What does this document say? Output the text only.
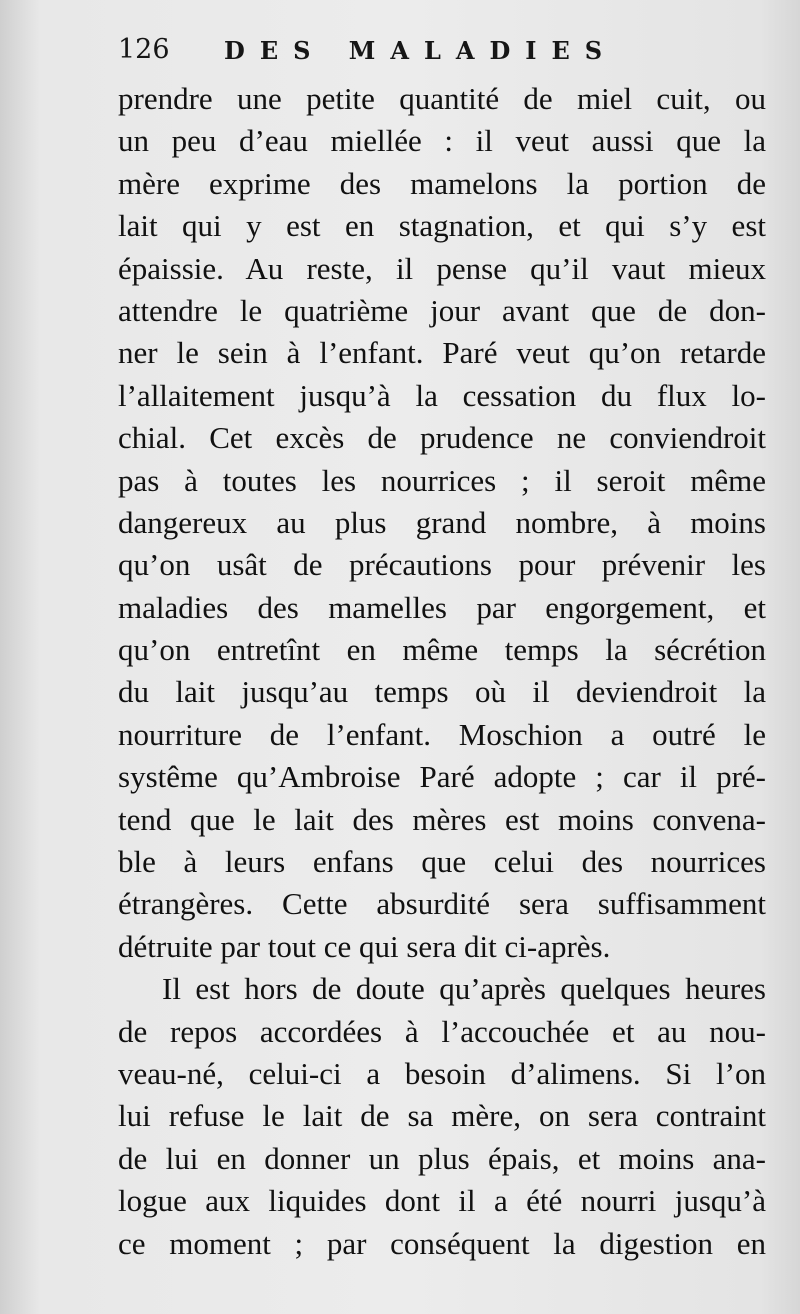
126 DES MALADIES
prendre une petite quantité de miel cuit, ou
un peu d’eau miellée : il veut aussi que la
mère exprime des mamelons la portion de
lait qui y est en stagnation, et qui s’y est
épaissie. Au reste, il pense qu’il vaut mieux
attendre le quatrième jour avant que de don-
ner le sein à l’enfant. Paré veut qu’on retarde
l’allaitement jusqu’à la cessation du flux lo-
chial. Cet excès de prudence ne conviendroit
pas à toutes les nourrices ; il seroit même
dangereux au plus grand nombre, à moins
qu’on usât de précautions pour prévenir les
maladies des mamelles par engorgement, et
qu’on entretînt en même temps la sécrétion
du lait jusqu’au temps où il deviendroit la
nourriture de l’enfant. Moschion a outré le
systême qu’Ambroise Paré adopte ; car il pré-
tend que le lait des mères est moins convena-
ble à leurs enfans que celui des nourrices
étrangères. Cette absurdité sera suffisamment
détruite par tout ce qui sera dit ci-après.
Il est hors de doute qu’après quelques heures
de repos accordées à l’accouchée et au nou-
veau-né, celui-ci a besoin d’alimens. Si l’on
lui refuse le lait de sa mère, on sera contraint
de lui en donner un plus épais, et moins ana-
logue aux liquides dont il a été nourri jusqu’à
ce moment ; par conséquent la digestion en
